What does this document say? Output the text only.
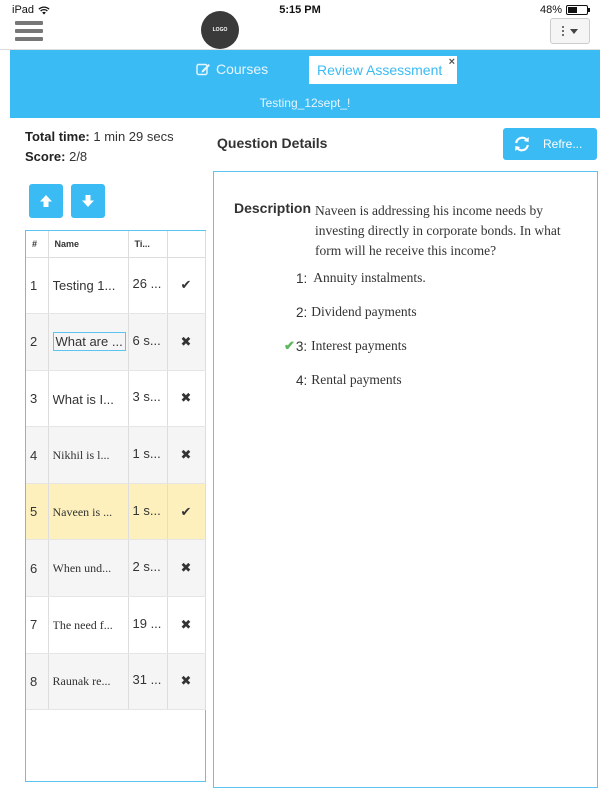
LOGO
iPad	5:15 PM	48%
Courses	Review Assessment ×
Testing_12sept_!
Total time: 1 min 29 secs
Score: 2/8
Question Details	Refre...
#	Name	Ti...	
1	Testing 1...	26 ...	✔
2	What are ...	6 s...	✖
3	What is I...	3 s...	✖
4	Nikhil is l...	1 s...	✖
5	Naveen is ...	1 s...	✔
6	When und...	2 s...	✖
7	The need f...	19 ...	✖
8	Raunak re...	31 ...	✖
Description Naveen is addressing his income needs by investing directly in corporate bonds. In what form will he receive this income?
1: Annuity instalments.
2: Dividend payments
✔ 3: Interest payments
4: Rental payments
